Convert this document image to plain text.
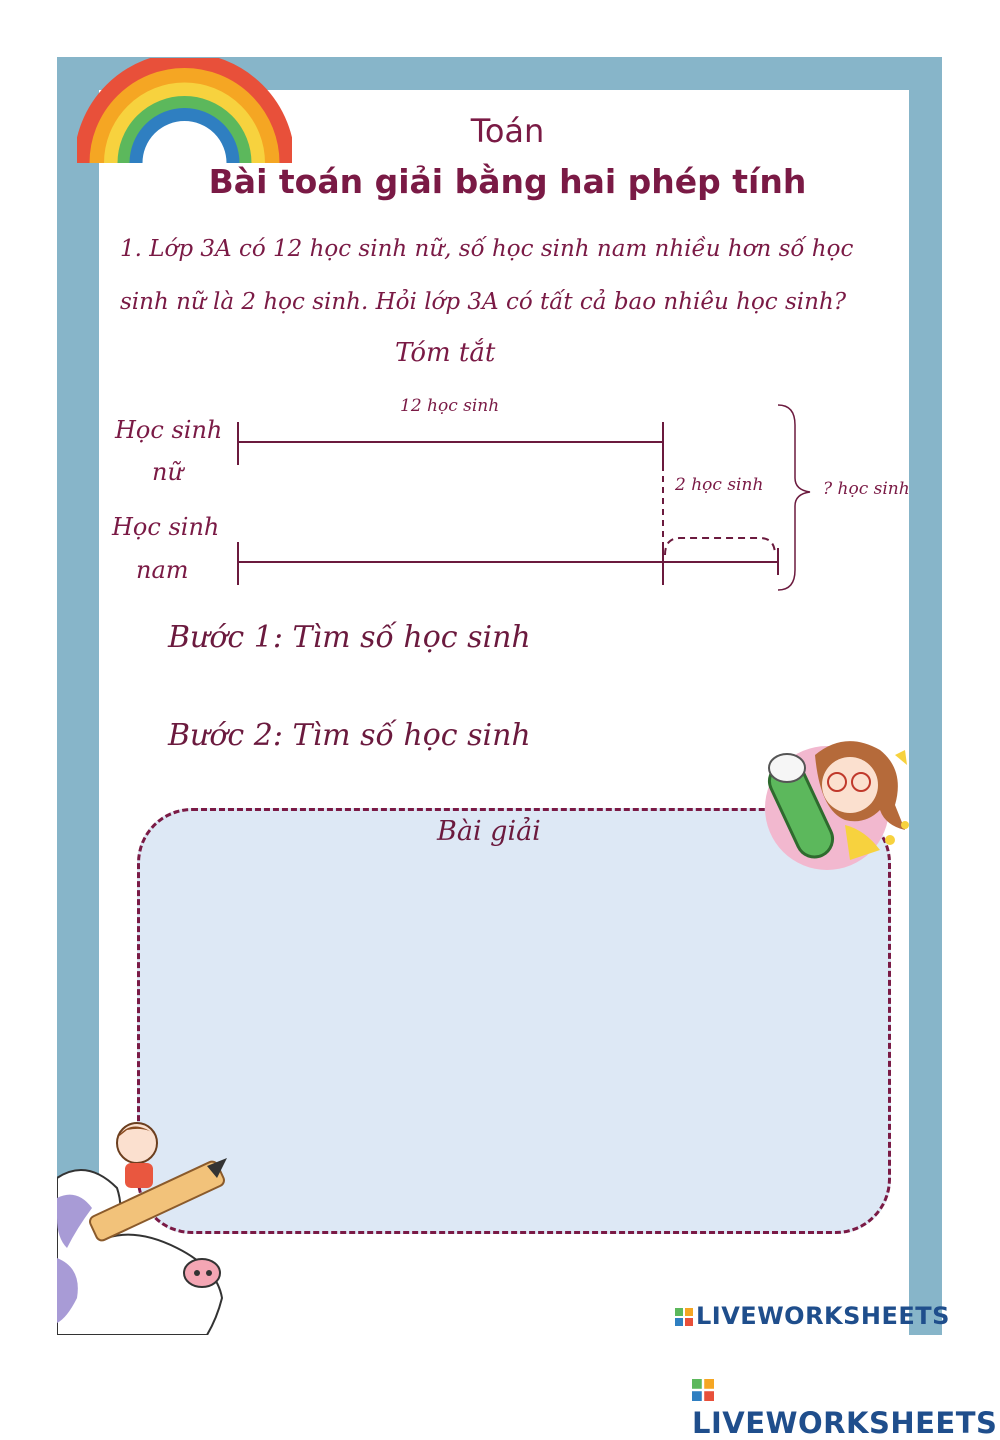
Toán
Bài toán giải bằng hai phép tính
1. Lớp 3A có 12 học sinh nữ, số học sinh nam nhiều hơn số học
sinh nữ là 2 học sinh. Hỏi lớp 3A có tất cả bao nhiêu học sinh?
Tóm tắt
12 học sinh
Học sinh
nữ
Học sinh
nam
2 học sinh	? học sinh
Bước 1: Tìm số học sinh
Bước 2: Tìm số học sinh
Bài giải
LIVEWORKSHEETS
LIVEWORKSHEETS
